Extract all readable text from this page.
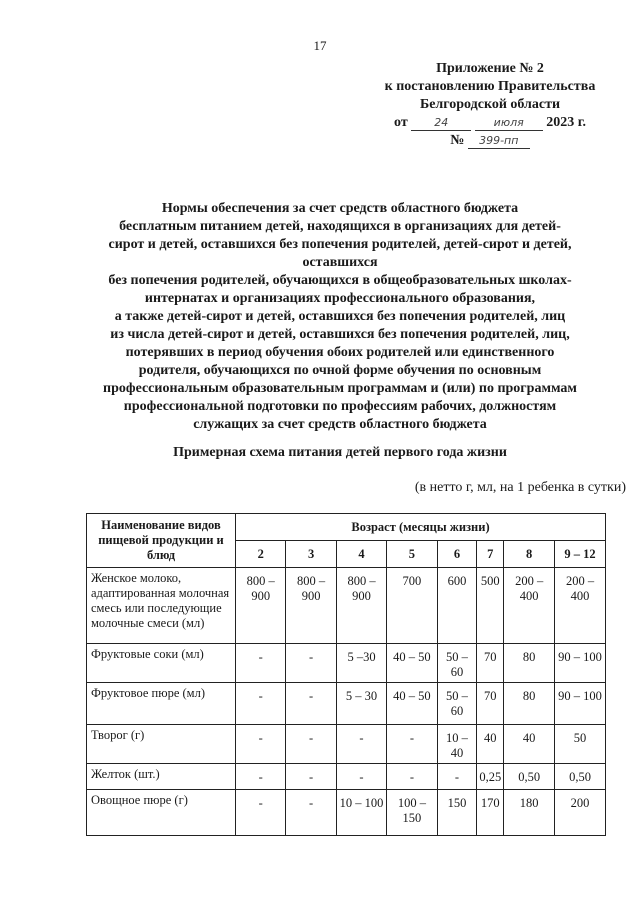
17
Приложение № 2
к постановлению Правительства
Белгородской области
от 24	июля 2023 г.
№ 399-пп
Нормы обеспечения за счет средств областного бюджета
бесплатным питанием детей, находящихся в организациях для детей-
сирот и детей, оставшихся без попечения родителей, детей-сирот и детей,
оставшихся
без попечения родителей, обучающихся в общеобразовательных школах-
интернатах и организациях профессионального образования,
а также детей-сирот и детей, оставшихся без попечения родителей, лиц
из числа детей-сирот и детей, оставшихся без попечения родителей, лиц,
потерявших в период обучения обоих родителей или единственного
родителя, обучающихся по очной форме обучения по основным
профессиональным образовательным программам и (или) по программам
профессиональной подготовки по профессиям рабочих, должностям
служащих за счет средств областного бюджета
Примерная схема питания детей первого года жизни
(в нетто г, мл, на 1 ребенка в сутки)
Наименование видов пищевой продукции и блюд	Возраст (месяцы жизни)							
	2	3	4	5	6	7	8	9 – 12
Женское молоко, адаптированная молочная смесь или последующие молочные смеси (мл)	800 – 900	800 – 900	800 – 900	700	600	500	200 – 400	200 – 400
Фруктовые соки (мл)	-	-	5 –30	40 – 50	50 – 60	70	80	90 – 100
Фруктовое пюре (мл)	-	-	5 – 30	40 – 50	50 – 60	70	80	90 – 100
Творог (г)	-	-	-	-	10 – 40	40	40	50
Желток (шт.)	-	-	-	-	-	0,25	0,50	0,50
Овощное пюре (г)	-	-	10 – 100	100 – 150	150	170	180	200
